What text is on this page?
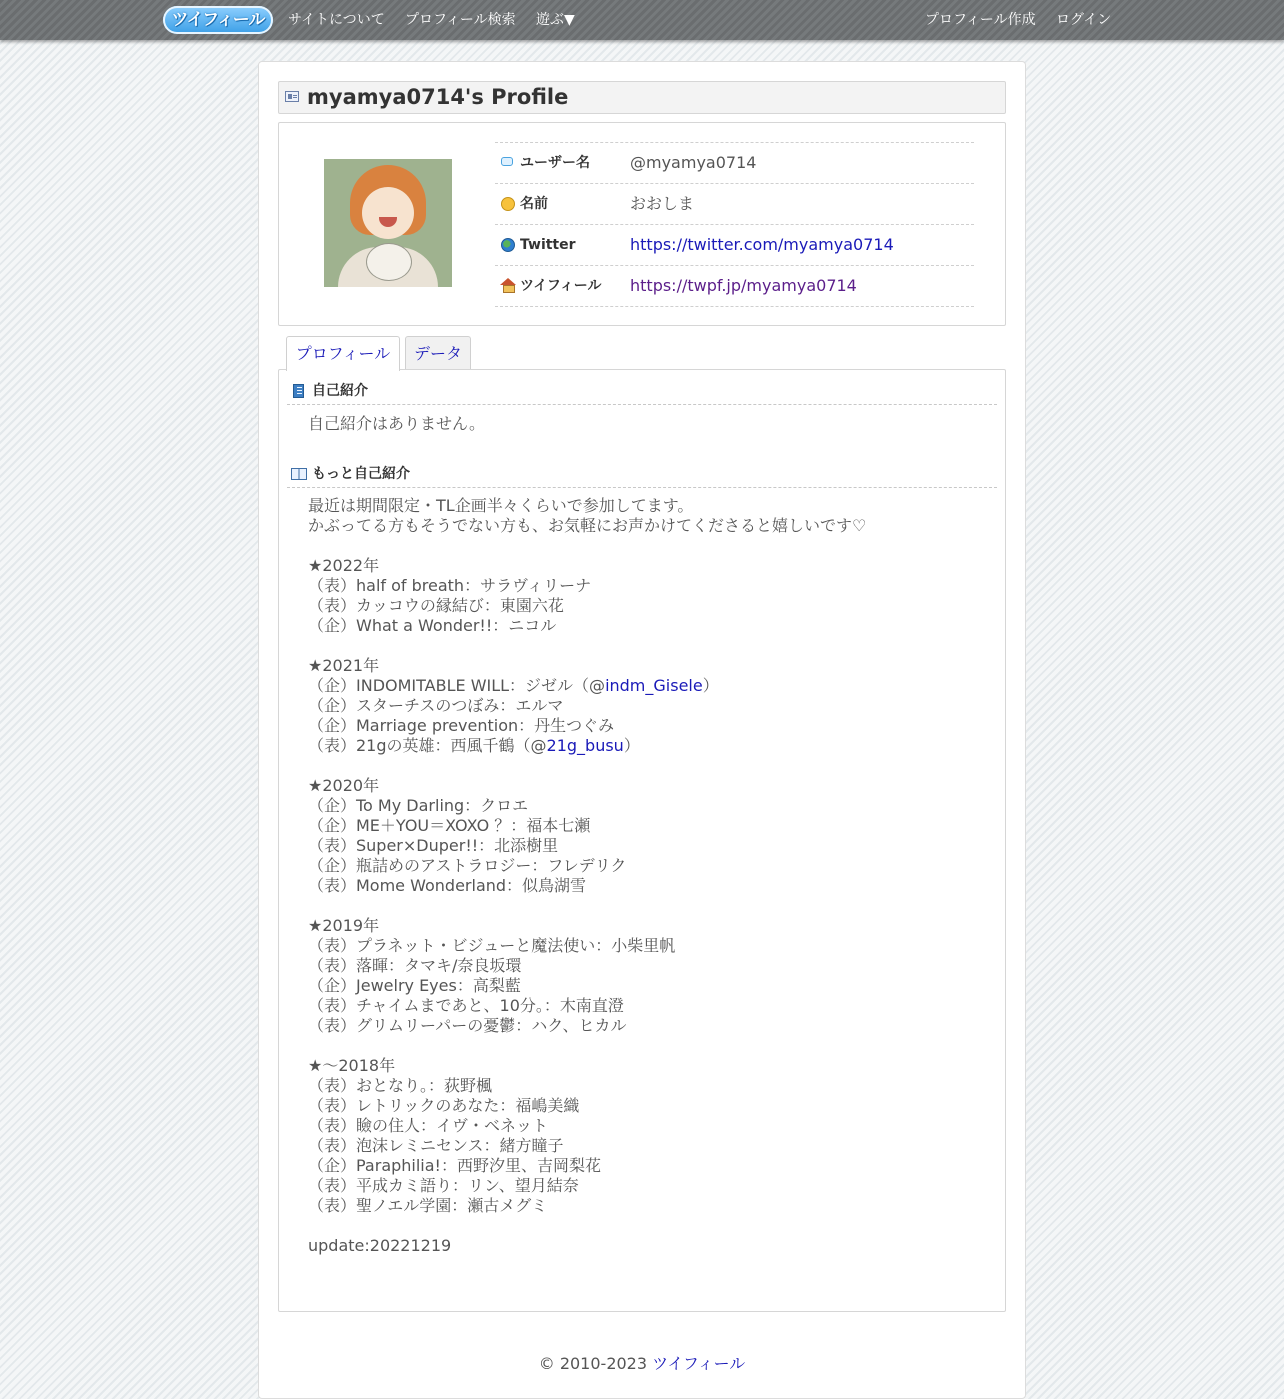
ツイフィール	サイトについて プロフィール検索 遊ぶ▼	プロフィール作成 ログイン
myamya0714's Profile
ユーザー名	@myamya0714
名前	おおしま
Twitter	https://twitter.com/myamya0714
ツイフィール https://twpf.jp/myamya0714
プロフィール	データ
自己紹介
自己紹介はありません。
もっと自己紹介
最近は期間限定・TL企画半々くらいで参加してます。
かぶってる方もそうでない方も、お気軽にお声かけてくださると嬉しいです♡
★2022年
（表）half of breath：サラヴィリーナ
（表）カッコウの縁結び：東園六花
（企）What a Wonder!!：ニコル
★2021年
（企）INDOMITABLE WILL：ジゼル（@indm_Gisele）
（企）スターチスのつぼみ：エルマ
（企）Marriage prevention：丹生つぐみ
（表）21gの英雄：西風千鶴（@21g_busu）
★2020年
（企）To My Darling：クロエ
（企）ME＋YOU＝XOXO ？：福本七瀬
（表）Super×Duper!!：北添樹里
（企）瓶詰めのアストラロジー：フレデリク
（表）Mome Wonderland：似鳥湖雪
★2019年
（表）プラネット・ビジューと魔法使い：小柴里帆
（表）落暉：タマキ/奈良坂環
（企）Jewelry Eyes：高梨藍
（表）チャイムまであと、10分。：木南直澄
（表）グリムリーパーの憂鬱：ハク、ヒカル
★〜2018年
（表）おとなり。：荻野楓
（表）レトリックのあなた：福嶋美織
（表）瞼の住人：イヴ・ベネット
（表）泡沫レミニセンス：緒方瞳子
（企）Paraphilia!：西野汐里、吉岡梨花
（表）平成カミ語り：リン、望月結奈
（表）聖ノエル学園：瀬古メグミ
update:20221219
© 2010-2023 ツイフィール
